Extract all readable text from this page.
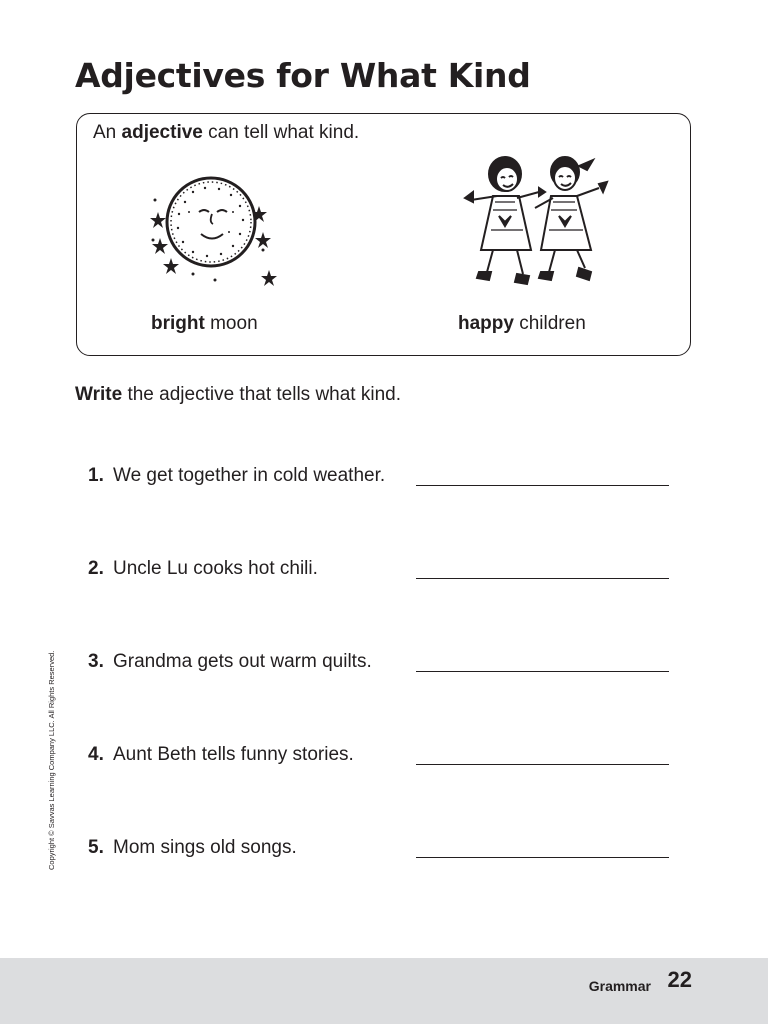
Adjectives for What Kind

An adjective can tell what kind.

bright moon	happy children

Write the adjective that tells what kind.

1. We get together in cold weather.
2. Uncle Lu cooks hot chili.
3. Grandma gets out warm quilts.
4. Aunt Beth tells funny stories.
5. Mom sings old songs.
Copyright © Savvas Learning Company LLC. All Rights Reserved.
Grammar 22
